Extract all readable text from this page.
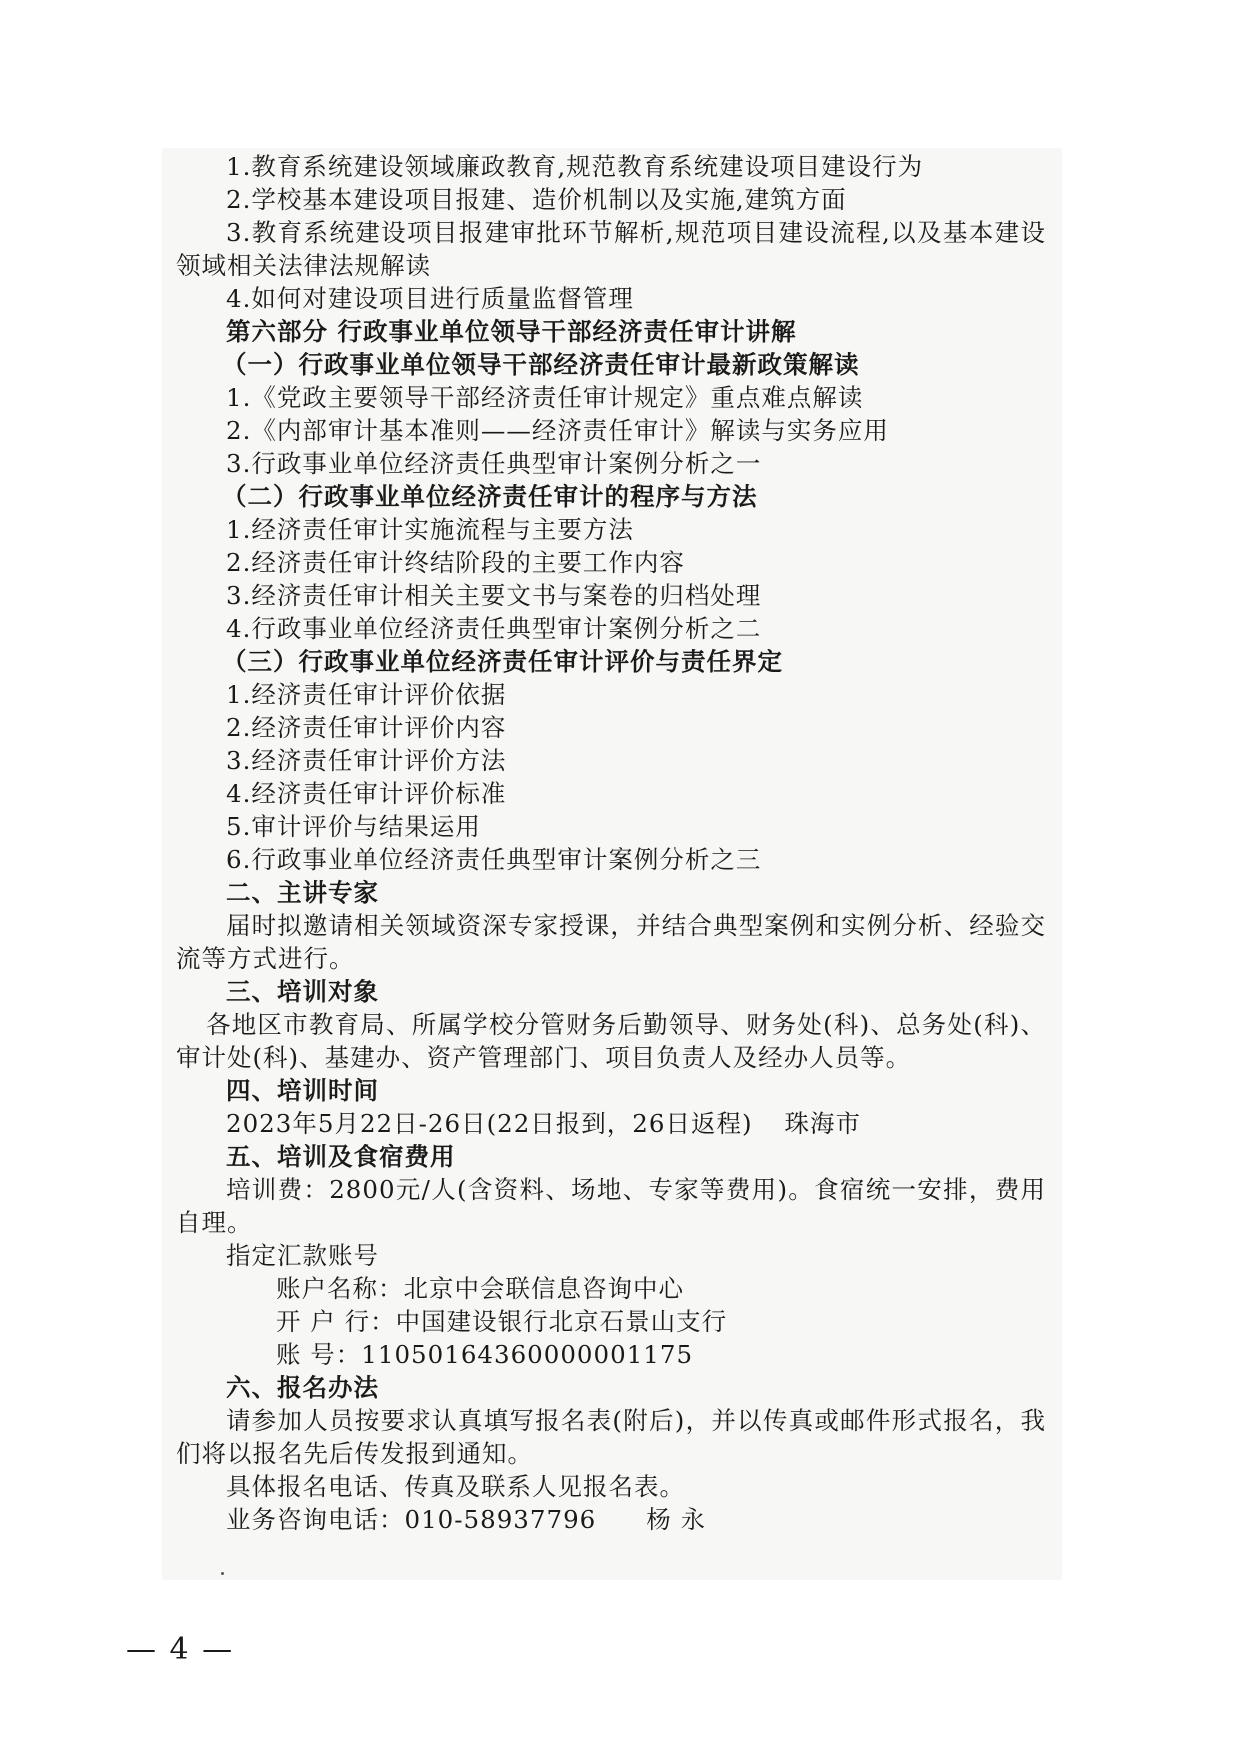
1.教育系统建设领域廉政教育,规范教育系统建设项目建设行为

2.学校基本建设项目报建、造价机制以及实施,建筑方面

3.教育系统建设项目报建审批环节解析,规范项目建设流程,以及基本建设领域相关法律法规解读

4.如何对建设项目进行质量监督管理

第六部分 行政事业单位领导干部经济责任审计讲解

（一）行政事业单位领导干部经济责任审计最新政策解读

1.《党政主要领导干部经济责任审计规定》重点难点解读

2.《内部审计基本准则——经济责任审计》解读与实务应用

3.行政事业单位经济责任典型审计案例分析之一

（二）行政事业单位经济责任审计的程序与方法

1.经济责任审计实施流程与主要方法

2.经济责任审计终结阶段的主要工作内容

3.经济责任审计相关主要文书与案卷的归档处理

4.行政事业单位经济责任典型审计案例分析之二

（三）行政事业单位经济责任审计评价与责任界定

1.经济责任审计评价依据

2.经济责任审计评价内容

3.经济责任审计评价方法

4.经济责任审计评价标准

5.审计评价与结果运用

6.行政事业单位经济责任典型审计案例分析之三

二、主讲专家

届时拟邀请相关领域资深专家授课，并结合典型案例和实例分析、经验交流等方式进行。

三、培训对象

各地区市教育局、所属学校分管财务后勤领导、财务处(科)、总务处(科)、审计处(科)、基建办、资产管理部门、项目负责人及经办人员等。

四、培训时间

2023年5月22日-26日(22日报到，26日返程) 珠海市

五、培训及食宿费用

培训费：2800元/人(含资料、场地、专家等费用)。食宿统一安排，费用自理。

指定汇款账号

账户名称：北京中会联信息咨询中心

开 户 行：中国建设银行北京石景山支行

账 号：11050164360000001175

六、报名办法

请参加人员按要求认真填写报名表(附后)，并以传真或邮件形式报名，我们将以报名先后传发报到通知。

具体报名电话、传真及联系人见报名表。

业务咨询电话：010-58937796 杨 永

— 4 —
